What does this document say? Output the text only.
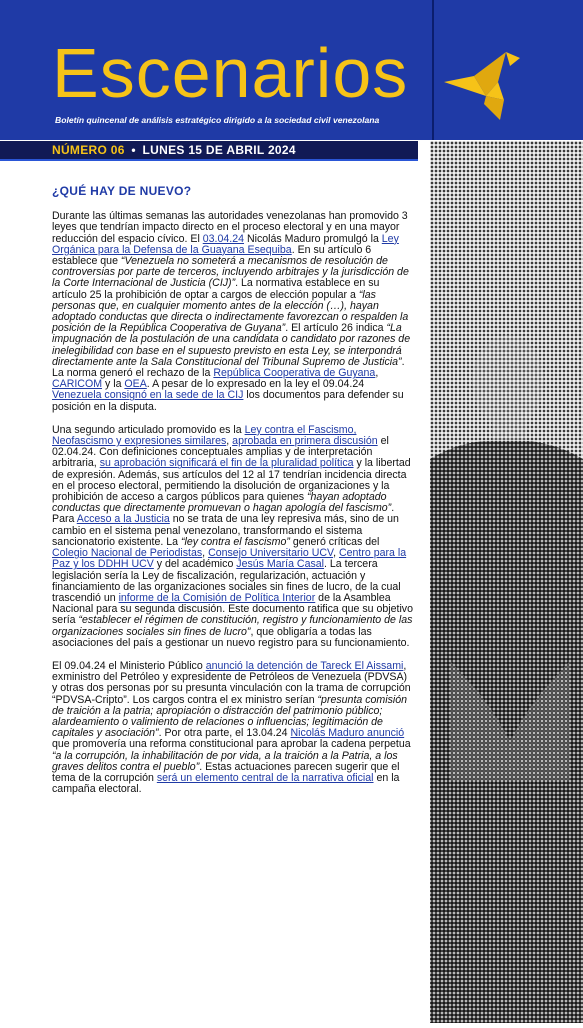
Escenarios
Boletín quincenal de análisis estratégico dirigido a la sociedad civil venezolana
NÚMERO 06 • LUNES 15 DE ABRIL 2024
¿QUÉ HAY DE NUEVO?

Durante las últimas semanas las autoridades venezolanas han promovido 3 leyes que tendrían impacto directo en el proceso electoral y en una mayor reducción del espacio cívico. El 03.04.24 Nicolás Maduro promulgó la Ley Orgánica para la Defensa de la Guayana Esequiba. En su artículo 6 establece que “Venezuela no someterá a mecanismos de resolución de controversias por parte de terceros, incluyendo arbitrajes y la jurisdicción de la Corte Internacional de Justicia (CIJ)”. La normativa establece en su artículo 25 la prohibición de optar a cargos de elección popular a “las personas que, en cualquier momento antes de la elección (…), hayan adoptado conductas que directa o indirectamente favorezcan o respalden la posición de la República Cooperativa de Guyana”. El artículo 26 indica “La impugnación de la postulación de una candidata o candidato por razones de inelegibilidad con base en el supuesto previsto en esta Ley, se interpondrá directamente ante la Sala Constitucional del Tribunal Supremo de Justicia”. La norma generó el rechazo de la República Cooperativa de Guyana, CARICOM y la OEA. A pesar de lo expresado en la ley el 09.04.24 Venezuela consignó en la sede de la CIJ los documentos para defender su posición en la disputa.

Una segundo articulado promovido es la Ley contra el Fascismo, Neofascismo y expresiones similares, aprobada en primera discusión el 02.04.24. Con definiciones conceptuales amplias y de interpretación arbitraria, su aprobación significará el fin de la pluralidad política y la libertad de expresión. Además, sus artículos del 12 al 17 tendrían incidencia directa en el proceso electoral, permitiendo la disolución de organizaciones y la prohibición de acceso a cargos públicos para quienes “hayan adoptado conductas que directamente promuevan o hagan apología del fascismo”. Para Acceso a la Justicia no se trata de una ley represiva más, sino de un cambio en el sistema penal venezolano, transformando el sistema sancionatorio existente. La “ley contra el fascismo” generó críticas del Colegio Nacional de Periodistas, Consejo Universitario UCV, Centro para la Paz y los DDHH UCV y del académico Jesús María Casal. La tercera legislación sería la Ley de fiscalización, regularización, actuación y financiamiento de las organizaciones sociales sin fines de lucro, de la cual trascendió un informe de la Comisión de Política Interior de la Asamblea Nacional para su segunda discusión. Este documento ratifica que su objetivo sería “establecer el régimen de constitución, registro y funcionamiento de las organizaciones sociales sin fines de lucro”, que obligaría a todas las asociaciones del país a gestionar un nuevo registro para su funcionamiento.

El 09.04.24 el Ministerio Público anunció la detención de Tareck El Aissami, exministro del Petróleo y expresidente de Petróleos de Venezuela (PDVSA) y otras dos personas por su presunta vinculación con la trama de corrupción “PDVSA-Cripto”. Los cargos contra el ex ministro serían “presunta comisión de traición a la patria; apropiación o distracción del patrimonio público; alardeamiento o valimiento de relaciones o influencias; legitimación de capitales y asociación”. Por otra parte, el 13.04.24 Nicolás Maduro anunció que promovería una reforma constitucional para aprobar la cadena perpetua “a la corrupción, la inhabilitación de por vida, a la traición a la Patria, a los graves delitos contra el pueblo”. Estas actuaciones parecen sugerir que el tema de la corrupción será un elemento central de la narrativa oficial en la campaña electoral.
